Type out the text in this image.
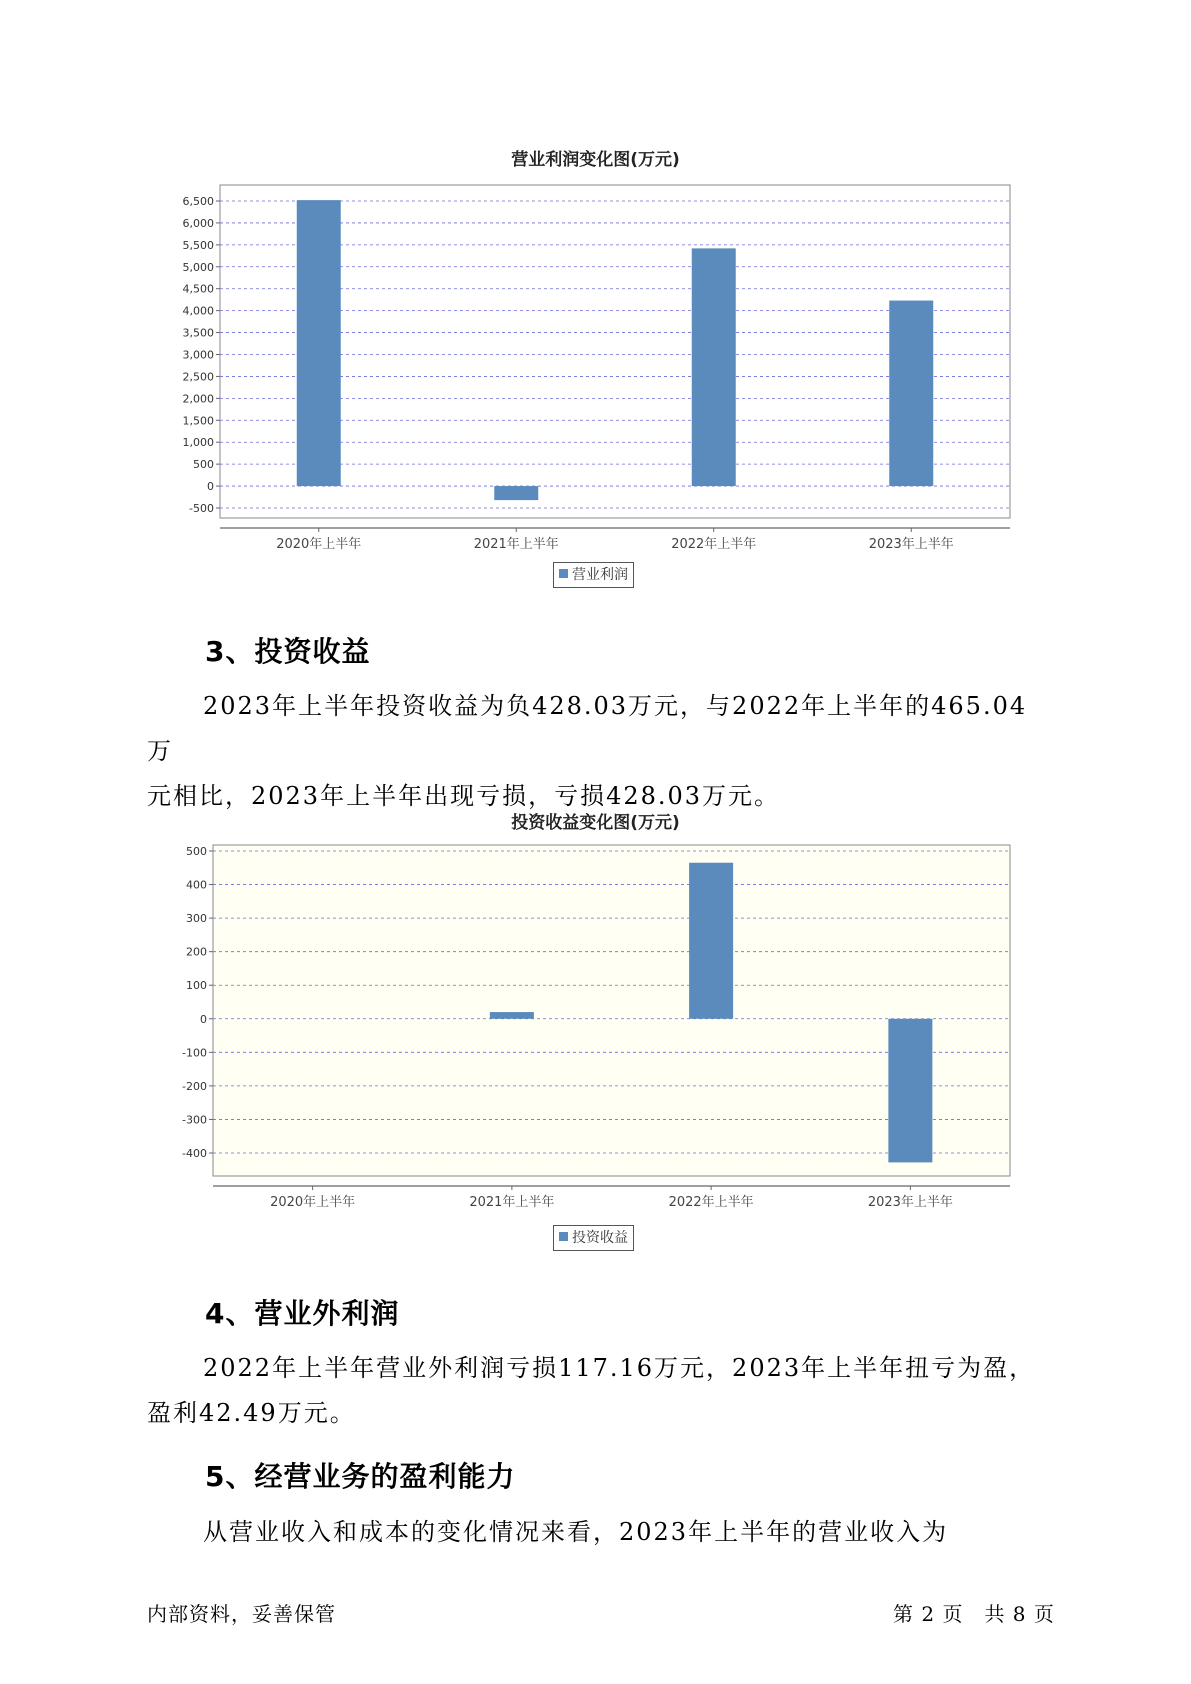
营业利润变化图(万元)
-500
0
500
1,000
1,500
2,000
2,500
3,000
3,500
4,000
4,500
5,000
5,500
6,000
6,500
2020年上半年	2021年上半年	2022年上半年	2023年上半年
营业利润
3、投资收益
2023年上半年投资收益为负428.03万元，与2022年上半年的465.04万
元相比，2023年上半年出现亏损，亏损428.03万元。
投资收益变化图(万元)
-400
-300
-200
-100
0
100
200
300
400
500
2020年上半年	2021年上半年	2022年上半年	2023年上半年
投资收益
4、营业外利润
2022年上半年营业外利润亏损117.16万元，2023年上半年扭亏为盈，
盈利42.49万元。
5、经营业务的盈利能力
从营业收入和成本的变化情况来看，2023年上半年的营业收入为
内部资料，妥善保管	第 2 页　共 8 页
